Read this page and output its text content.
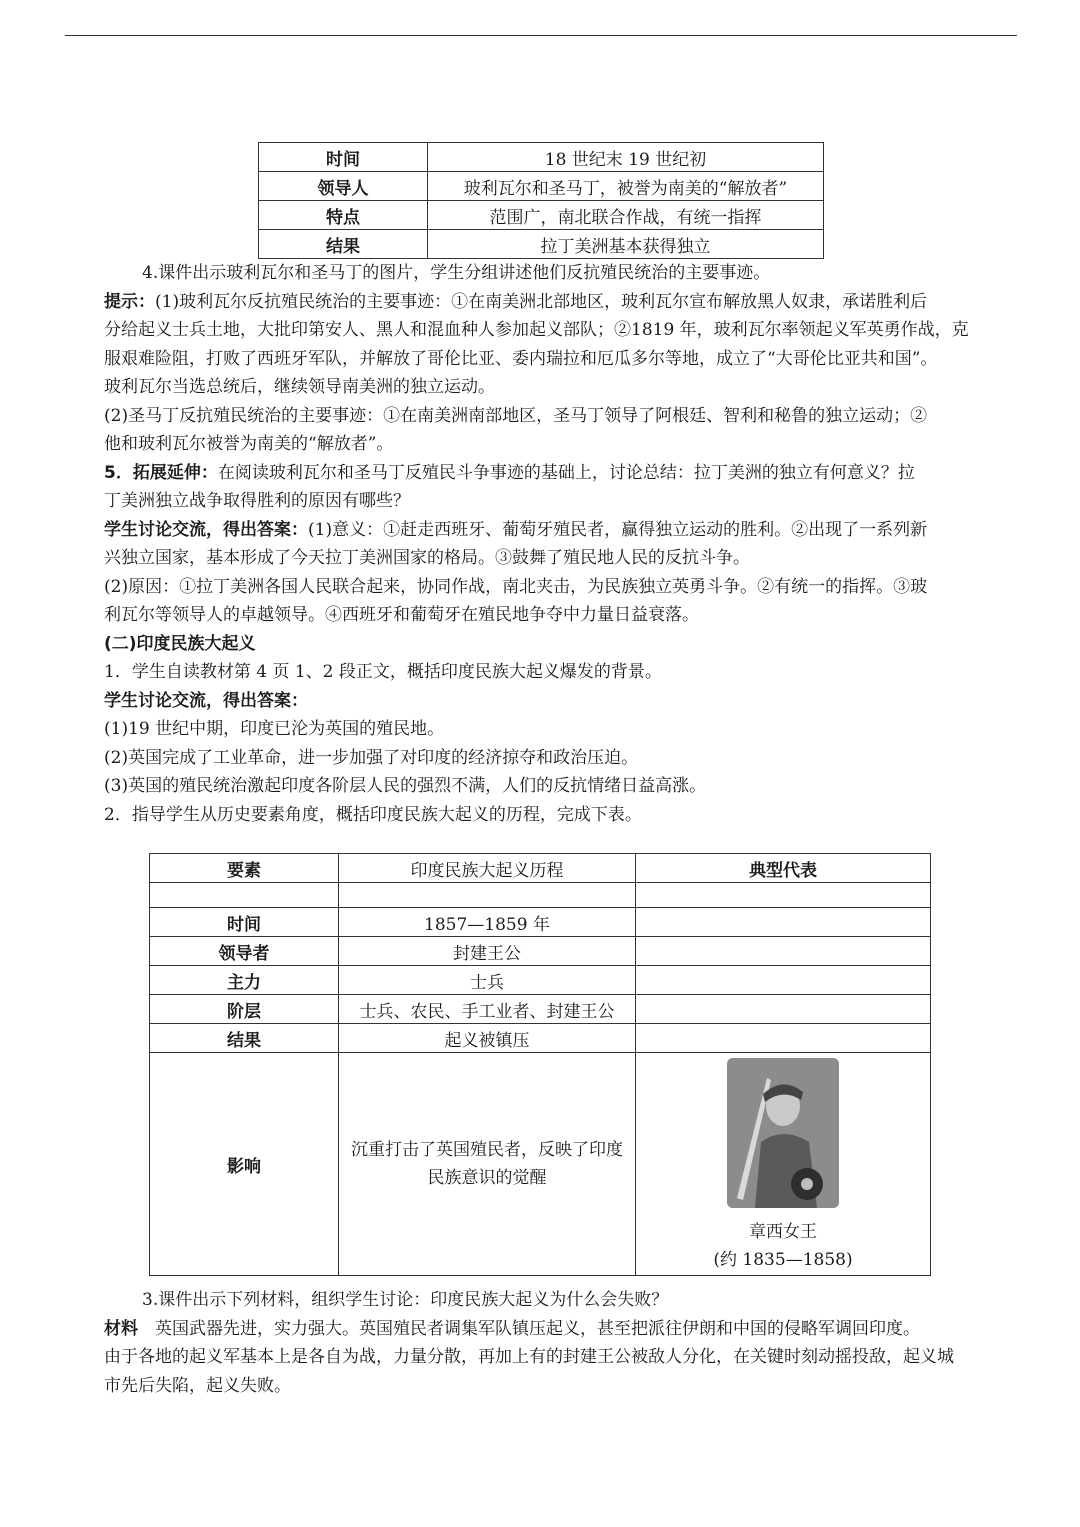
时间	18 世纪末 19 世纪初
领导人	玻利瓦尔和圣马丁，被誉为南美的“解放者”
特点	范围广，南北联合作战，有统一指挥
结果	拉丁美洲基本获得独立

4.课件出示玻利瓦尔和圣马丁的图片，学生分组讲述他们反抗殖民统治的主要事迹。

提示：(1)玻利瓦尔反抗殖民统治的主要事迹：①在南美洲北部地区，玻利瓦尔宣布解放黑人奴隶，承诺胜利后

分给起义士兵土地，大批印第安人、黑人和混血种人参加起义部队；②1819 年，玻利瓦尔率领起义军英勇作战，克

服艰难险阻，打败了西班牙军队，并解放了哥伦比亚、委内瑞拉和厄瓜多尔等地，成立了“大哥伦比亚共和国”。

玻利瓦尔当选总统后，继续领导南美洲的独立运动。

(2)圣马丁反抗殖民统治的主要事迹：①在南美洲南部地区，圣马丁领导了阿根廷、智利和秘鲁的独立运动；②

他和玻利瓦尔被誉为南美的“解放者”。

5．拓展延伸：在阅读玻利瓦尔和圣马丁反殖民斗争事迹的基础上，讨论总结：拉丁美洲的独立有何意义？拉

丁美洲独立战争取得胜利的原因有哪些？

学生讨论交流，得出答案：(1)意义：①赶走西班牙、葡萄牙殖民者，赢得独立运动的胜利。②出现了一系列新

兴独立国家，基本形成了今天拉丁美洲国家的格局。③鼓舞了殖民地人民的反抗斗争。

(2)原因：①拉丁美洲各国人民联合起来，协同作战，南北夹击，为民族独立英勇斗争。②有统一的指挥。③玻

利瓦尔等领导人的卓越领导。④西班牙和葡萄牙在殖民地争夺中力量日益衰落。

(二)印度民族大起义

1．学生自读教材第 4 页 1、2 段正文，概括印度民族大起义爆发的背景。

学生讨论交流，得出答案：

(1)19 世纪中期，印度已沦为英国的殖民地。

(2)英国完成了工业革命，进一步加强了对印度的经济掠夺和政治压迫。

(3)英国的殖民统治激起印度各阶层人民的强烈不满，人们的反抗情绪日益高涨。

2．指导学生从历史要素角度，概括印度民族大起义的历程，完成下表。

要素	印度民族大起义历程	典型代表

时间	1857—1859 年	
领导者	封建王公	
主力	士兵	
阶层	士兵、农民、手工业者、封建王公	
结果	起义被镇压	
影响	沉重打击了英国殖民者，反映了印度民族意识的觉醒	章西女王
(约 1835—1858)

3.课件出示下列材料，组织学生讨论：印度民族大起义为什么会失败？

材料　 英国武器先进，实力强大。英国殖民者调集军队镇压起义，甚至把派往伊朗和中国的侵略军调回印度。

由于各地的起义军基本上是各自为战，力量分散，再加上有的封建王公被敌人分化，在关键时刻动摇投敌，起义城

市先后失陷，起义失败。
